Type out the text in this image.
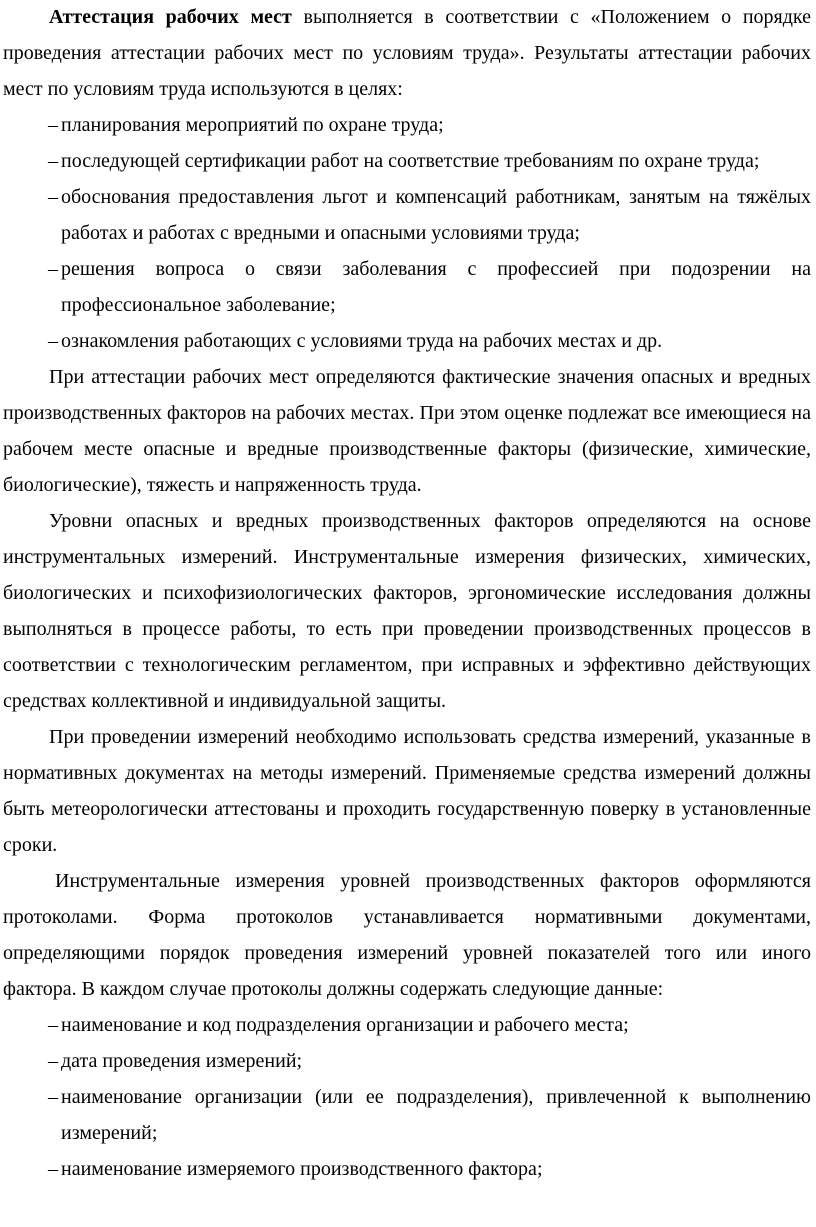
Аттестация рабочих мест выполняется в соответствии с «Положением о порядке проведения аттестации рабочих мест по условиям труда». Результаты аттестации рабочих мест по условиям труда используются в целях:

– планирования мероприятий по охране труда;
– последующей сертификации работ на соответствие требованиям по охране труда;
– обоснования предоставления льгот и компенсаций работникам, занятым на тяжёлых работах и работах с вредными и опасными условиями труда;
– решения вопроса о связи заболевания с профессией при подозрении на профессиональное заболевание;
– ознакомления работающих с условиями труда на рабочих местах и др.

При аттестации рабочих мест определяются фактические значения опасных и вредных производственных факторов на рабочих местах. При этом оценке подлежат все имеющиеся на рабочем месте опасные и вредные производственные факторы (физические, химические, биологические), тяжесть и напряженность труда.

Уровни опасных и вредных производственных факторов определяются на основе инструментальных измерений. Инструментальные измерения физических, химических, биологических и психофизиологических факторов, эргономические исследования должны выполняться в процессе работы, то есть при проведении производственных процессов в соответствии с технологическим регламентом, при исправных и эффективно действующих средствах коллективной и индивидуальной защиты.

При проведении измерений необходимо использовать средства измерений, указанные в нормативных документах на методы измерений. Применяемые средства измерений должны быть метеорологически аттестованы и проходить государственную поверку в установленные сроки.

Инструментальные измерения уровней производственных факторов оформляются протоколами. Форма протоколов устанавливается нормативными документами, определяющими порядок проведения измерений уровней показателей того или иного фактора. В каждом случае протоколы должны содержать следующие данные:

– наименование и код подразделения организации и рабочего места;
– дата проведения измерений;
– наименование организации (или ее подразделения), привлеченной к выполнению измерений;
– наименование измеряемого производственного фактора;
